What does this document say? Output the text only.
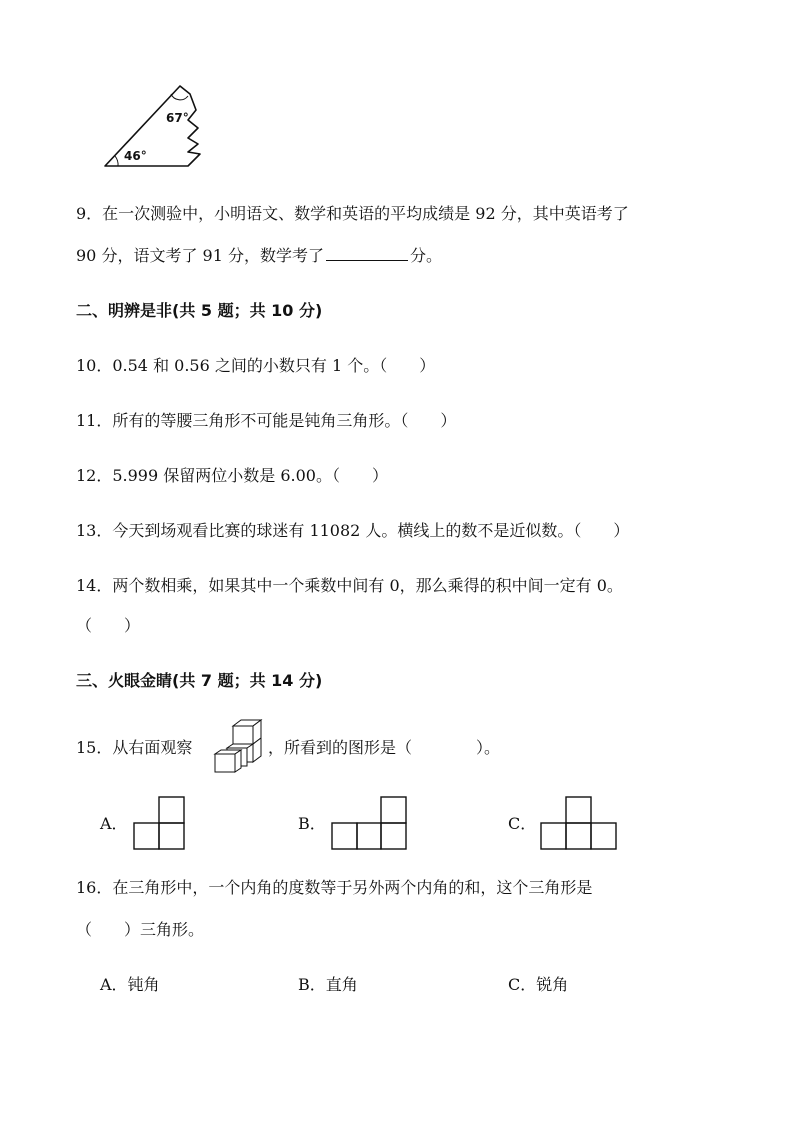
67°
46°
9．在一次测验中，小明语文、数学和英语的平均成绩是 92 分，其中英语考了
90 分，语文考了 91 分，数学考了	分。
二、明辨是非(共 5 题；共 10 分)
10．0.54 和 0.56 之间的小数只有 1 个。（　　）
11．所有的等腰三角形不可能是钝角三角形。（　　）
12．5.999 保留两位小数是 6.00。（　　）
13．今天到场观看比赛的球迷有 11082 人。横线上的数不是近似数。（　　）
14．两个数相乘，如果其中一个乘数中间有 0，那么乘得的积中间一定有 0。
（　　）
三、火眼金睛(共 7 题；共 14 分)
15．从右面观察	，所看到的图形是（　　　　）。
A．	B．	C．
16．在三角形中，一个内角的度数等于另外两个内角的和，这个三角形是
（　　）三角形。
A．钝角	B．直角	C．锐角
